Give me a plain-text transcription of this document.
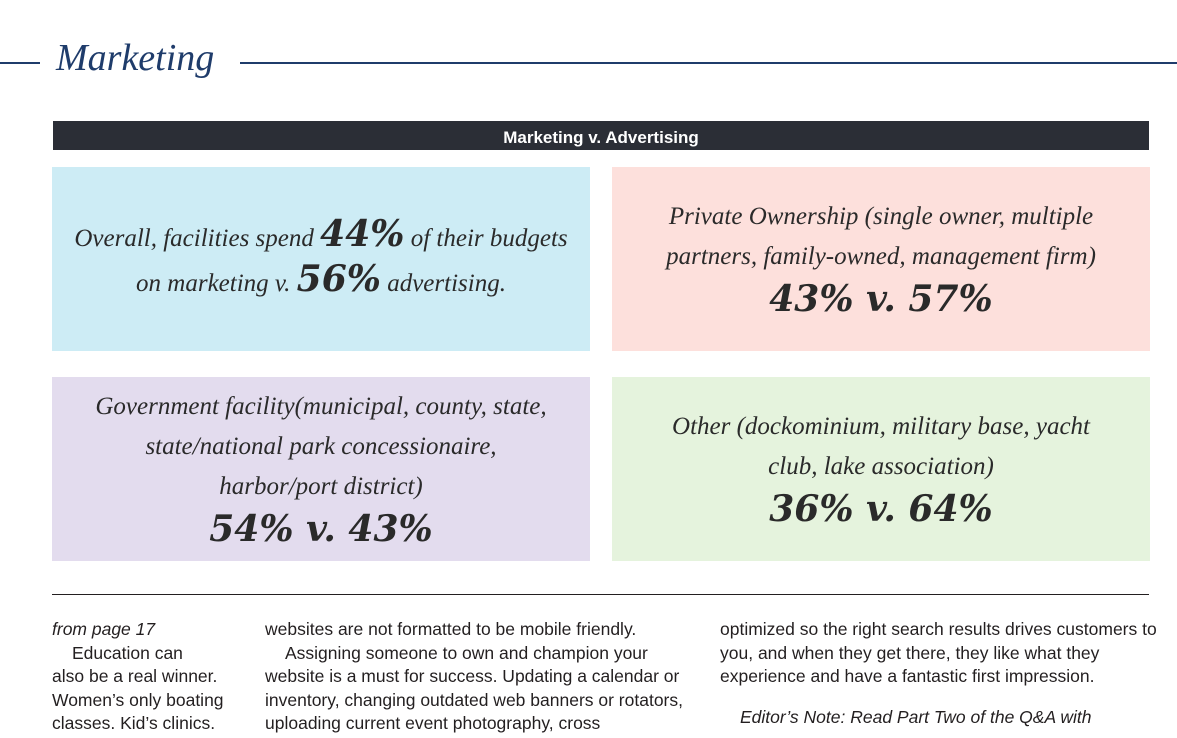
Marketing
Marketing v. Advertising
Overall, facilities spend 44% of their budgets on marketing v. 56% advertising.
Private Ownership (single owner, multiple partners, family-owned, management firm)
43% v. 57%
Government facility(municipal, county, state, state/national park concessionaire, harbor/port district)
54% v. 43%
Other (dockominium, military base, yacht club, lake association)
36% v. 64%

from page 17

Education can

also be a real winner.

Women’s only boating

classes. Kid’s clinics.

websites are not formatted to be mobile friendly.

Assigning someone to own and champion your website is a must for success. Updating a calendar or inventory, changing outdated web banners or rotators, uploading current event photography, cross

optimized so the right search results drives customers to you, and when they get there, they like what they experience and have a fantastic first impression.

Editor’s Note: Read Part Two of the Q&A with
